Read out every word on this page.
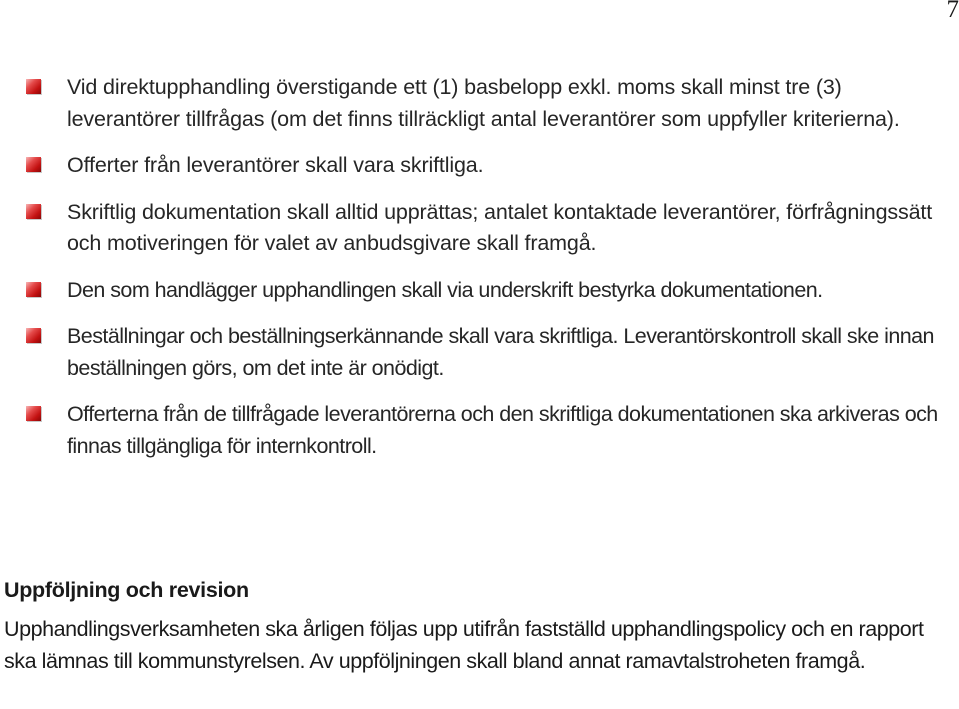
7
Vid direktupphandling överstigande ett (1) basbelopp exkl. moms skall minst tre (3) leverantörer tillfrågas (om det finns tillräckligt antal leverantörer som uppfyller kriterierna).
Offerter från leverantörer skall vara skriftliga.
Skriftlig dokumentation skall alltid upprättas; antalet kontaktade leverantörer, förfrågningssätt och motiveringen för valet av anbudsgivare skall framgå.
Den som handlägger upphandlingen skall via underskrift bestyrka dokumentationen.
Beställningar och beställningserkännande skall vara skriftliga. Leverantörskontroll skall ske innan beställningen görs, om det inte är onödigt.
Offerterna från de tillfrågade leverantörerna och den skriftliga dokumentationen ska arkiveras och finnas tillgängliga för internkontroll.
Uppföljning och revision

Upphandlingsverksamheten ska årligen följas upp utifrån fastställd upphandlingspolicy och en rapport ska lämnas till kommunstyrelsen. Av uppföljningen skall bland annat ramavtalstroheten framgå.
